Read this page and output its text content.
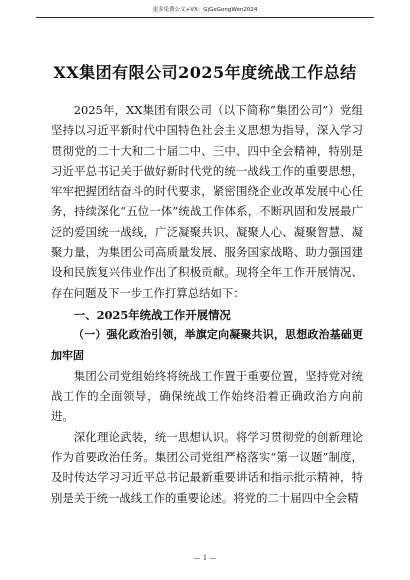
更多免费公文+VX：GjGeGongWen2024
XX集团有限公司2025年度统战工作总结

2025年，XX集团有限公司（以下简称“集团公司”）党组坚持以习近平新时代中国特色社会主义思想为指导，深入学习贯彻党的二十大和二十届二中、三中、四中全会精神，特别是习近平总书记关于做好新时代党的统一战线工作的重要思想，牢牢把握团结奋斗的时代要求，紧密围绕企业改革发展中心任务，持续深化“五位一体”统战工作体系，不断巩固和发展最广泛的爱国统一战线，广泛凝聚共识、凝聚人心、凝聚智慧、凝聚力量，为集团公司高质量发展、服务国家战略、助力强国建设和民族复兴伟业作出了积极贡献。现将全年工作开展情况、存在问题及下一步工作打算总结如下：

一、2025年统战工作开展情况

（一）强化政治引领，举旗定向凝聚共识，思想政治基础更加牢固

集团公司党组始终将统战工作置于重要位置，坚持党对统战工作的全面领导，确保统战工作始终沿着正确政治方向前进。

深化理论武装，统一思想认识。将学习贯彻党的创新理论作为首要政治任务。集团公司党组严格落实“第一议题”制度，及时传达学习习近平总书记最新重要讲话和指示批示精神，特别是关于统一战线工作的重要论述。将党的二十届四中全会精

— 1 —
